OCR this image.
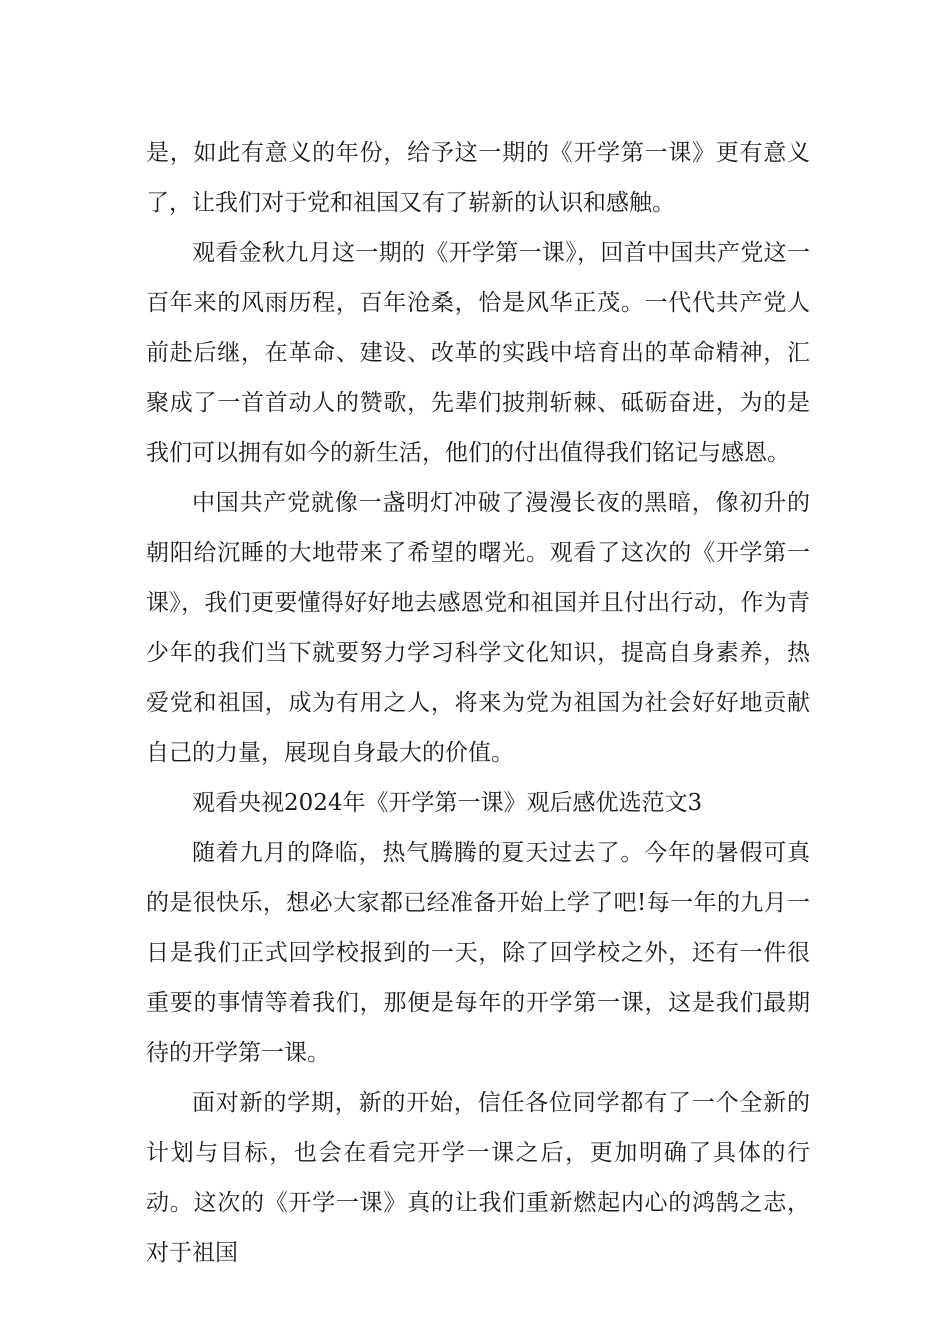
是，如此有意义的年份，给予这一期的《开学第一课》更有意义了，让我们对于党和祖国又有了崭新的认识和感触。

观看金秋九月这一期的《开学第一课》，回首中国共产党这一百年来的风雨历程，百年沧桑，恰是风华正茂。一代代共产党人前赴后继，在革命、建设、改革的实践中培育出的革命精神，汇聚成了一首首动人的赞歌，先辈们披荆斩棘、砥砺奋进，为的是我们可以拥有如今的新生活，他们的付出值得我们铭记与感恩。

中国共产党就像一盏明灯冲破了漫漫长夜的黑暗，像初升的朝阳给沉睡的大地带来了希望的曙光。观看了这次的《开学第一课》，我们更要懂得好好地去感恩党和祖国并且付出行动，作为青少年的我们当下就要努力学习科学文化知识，提高自身素养，热爱党和祖国，成为有用之人，将来为党为祖国为社会好好地贡献自己的力量，展现自身最大的价值。

观看央视2024年《开学第一课》观后感优选范文3

随着九月的降临，热气腾腾的夏天过去了。今年的暑假可真的是很快乐，想必大家都已经准备开始上学了吧!每一年的九月一日是我们正式回学校报到的一天，除了回学校之外，还有一件很重要的事情等着我们，那便是每年的开学第一课，这是我们最期待的开学第一课。

面对新的学期，新的开始，信任各位同学都有了一个全新的计划与目标，也会在看完开学一课之后，更加明确了具体的行动。这次的《开学一课》真的让我们重新燃起内心的鸿鹄之志，对于祖国
